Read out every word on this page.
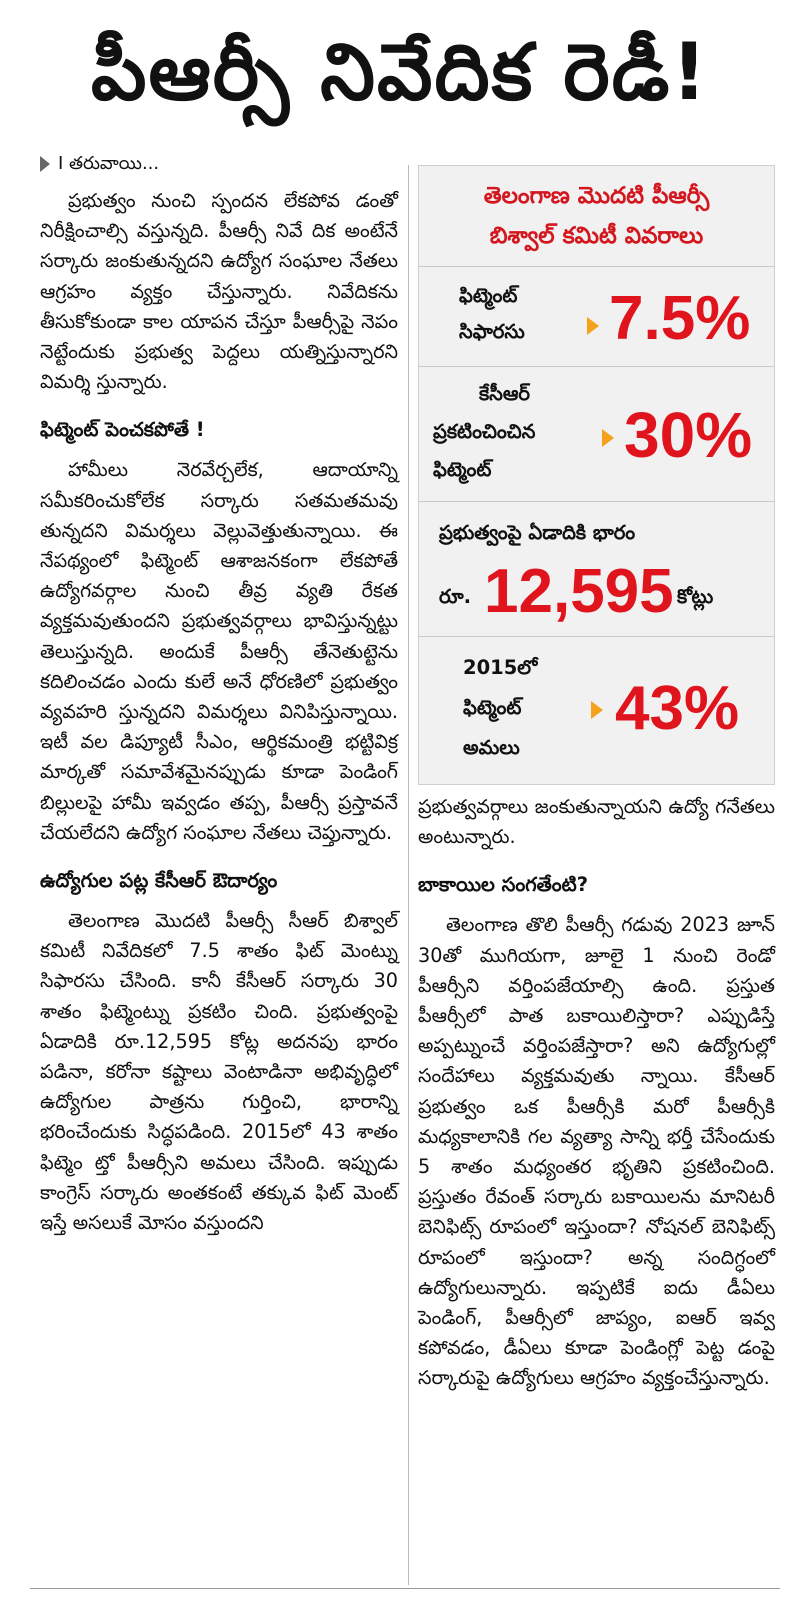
పీఆర్సీ నివేదిక రెడీ!
I తరువాయి...

ప్రభుత్వం నుంచి స్పందన లేకపోవ డంతో నిరీక్షించాల్సి వస్తున్నది. పీఆర్సీ నివే దిక అంటేనే సర్కారు జంకుతున్నదని ఉద్యోగ సంఘాల నేతలు ఆగ్రహం వ్యక్తం చేస్తున్నారు. నివేదికను తీసుకోకుండా కాల యాపన చేస్తూ పీఆర్సీపై నెపం నెట్టేందుకు ప్రభుత్వ పెద్దలు యత్నిస్తున్నారని విమర్శి స్తున్నారు.

ఫిట్మెంట్ పెంచకపోతే !

హామీలు నెరవేర్చలేక, ఆదాయాన్ని సమీకరించుకోలేక సర్కారు సతమతమవు తున్నదని విమర్శలు వెల్లువెత్తుతున్నాయి. ఈ నేపథ్యంలో ఫిట్మెంట్ ఆశాజనకంగా లేకపోతే ఉద్యోగవర్గాల నుంచి తీవ్ర వ్యతి రేకత వ్యక్తమవుతుందని ప్రభుత్వవర్గాలు భావిస్తున్నట్టు తెలుస్తున్నది. అందుకే పీఆర్సీ తేనెతుట్టెను కదిలించడం ఎందు కులే అనే ధోరణిలో ప్రభుత్వం వ్యవహరి స్తున్నదని విమర్శలు వినిపిస్తున్నాయి. ఇటీ వల డిప్యూటీ సీఎం, ఆర్థికమంత్రి భట్టివిక్ర మార్కతో సమావేశమైనప్పుడు కూడా పెండింగ్ బిల్లులపై హామీ ఇవ్వడం తప్ప, పీఆర్సీ ప్రస్తావనే చేయలేదని ఉద్యోగ సంఘాల నేతలు చెప్తున్నారు.

ఉద్యోగుల పట్ల కేసీఆర్ ఔదార్యం

తెలంగాణ మొదటి పీఆర్సీ సీఆర్ బిశ్వాల్ కమిటీ నివేదికలో 7.5 శాతం ఫిట్ మెంట్ను సిఫారసు చేసింది. కానీ కేసీఆర్ సర్కారు 30 శాతం ఫిట్మెంట్ను ప్రకటిం చింది. ప్రభుత్వంపై ఏడాదికి రూ.12,595 కోట్ల అదనపు భారం పడినా, కరోనా కష్టాలు వెంటాడినా అభివృద్ధిలో ఉద్యోగుల పాత్రను గుర్తించి, భారాన్ని భరించేందుకు సిద్ధపడింది. 2015లో 43 శాతం ఫిట్మెం ట్తో పీఆర్సీని అమలు చేసింది. ఇప్పుడు కాంగ్రెస్ సర్కారు అంతకంటే తక్కువ ఫిట్ మెంట్ ఇస్తే అసలుకే మోసం వస్తుందని

తెలంగాణ మొదటి పీఆర్సీ
బిశ్వాల్ కమిటీ వివరాలు
ఫిట్మెంట్
సిఫారసు 7.5%
కేసీఆర్
ప్రకటించించిన
ఫిట్మెంట్ 30%
ప్రభుత్వంపై ఏడాదికి భారం
రూ. 12,595 కోట్లు
2015లో
ఫిట్మెంట్
అమలు
43%

ప్రభుత్వవర్గాలు జంకుతున్నాయని ఉద్యో గనేతలు అంటున్నారు.

బాకాయిల సంగతేంటి?

తెలంగాణ తొలి పీఆర్సీ గడువు 2023 జూన్ 30తో ముగియగా, జూలై 1 నుంచి రెండో పీఆర్సీని వర్తింపజేయాల్సి ఉంది. ప్రస్తుత పీఆర్సీలో పాత బకాయిలిస్తారా? ఎప్పుడిస్తే అప్పట్నుంచే వర్తింపజేస్తారా? అని ఉద్యోగుల్లో సందేహాలు వ్యక్తమవుతు న్నాయి. కేసీఆర్ ప్రభుత్వం ఒక పీఆర్సీకి మరో పీఆర్సీకి మధ్యకాలానికి గల వ్యత్యా సాన్ని భర్తీ చేసేందుకు 5 శాతం మధ్యంతర భృతిని ప్రకటించింది. ప్రస్తుతం రేవంత్ సర్కారు బకాయిలను మానిటరీ బెనిఫిట్స్ రూపంలో ఇస్తుందా? నోషనల్ బెనిఫిట్స్ రూపంలో ఇస్తుందా? అన్న సందిగ్ధంలో ఉద్యోగులున్నారు. ఇప్పటికే ఐదు డీఏలు పెండింగ్, పీఆర్సీలో జాప్యం, ఐఆర్ ఇవ్వ కపోవడం, డీఏలు కూడా పెండింగ్లో పెట్ట డంపై సర్కారుపై ఉద్యోగులు ఆగ్రహం వ్యక్తంచేస్తున్నారు.
